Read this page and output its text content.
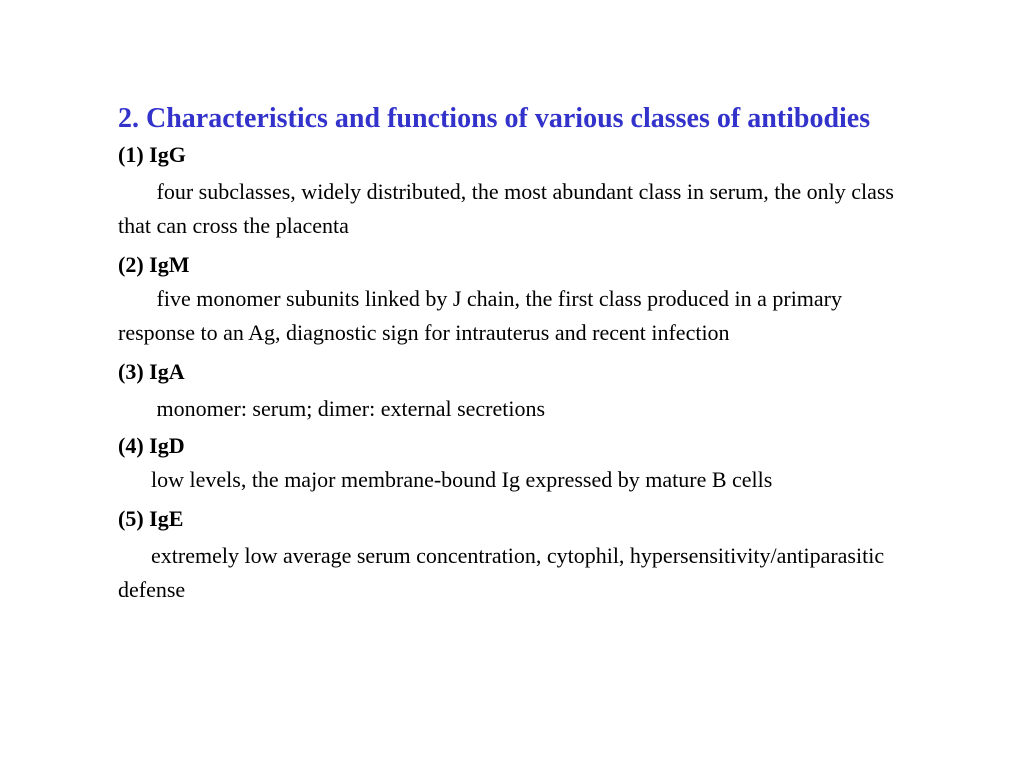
2. Characteristics and functions of various classes of antibodies

(1) IgG

four subclasses, widely distributed, the most abundant class in serum, the only class that can cross the placenta

(2) IgM

five monomer subunits linked by J chain, the first class produced in a primary response to an Ag, diagnostic sign for intrauterus and recent infection

(3) IgA

monomer: serum; dimer: external secretions

(4) IgD

low levels, the major membrane-bound Ig expressed by mature B cells

(5) IgE

extremely low average serum concentration, cytophil, hypersensitivity/antiparasitic defense
